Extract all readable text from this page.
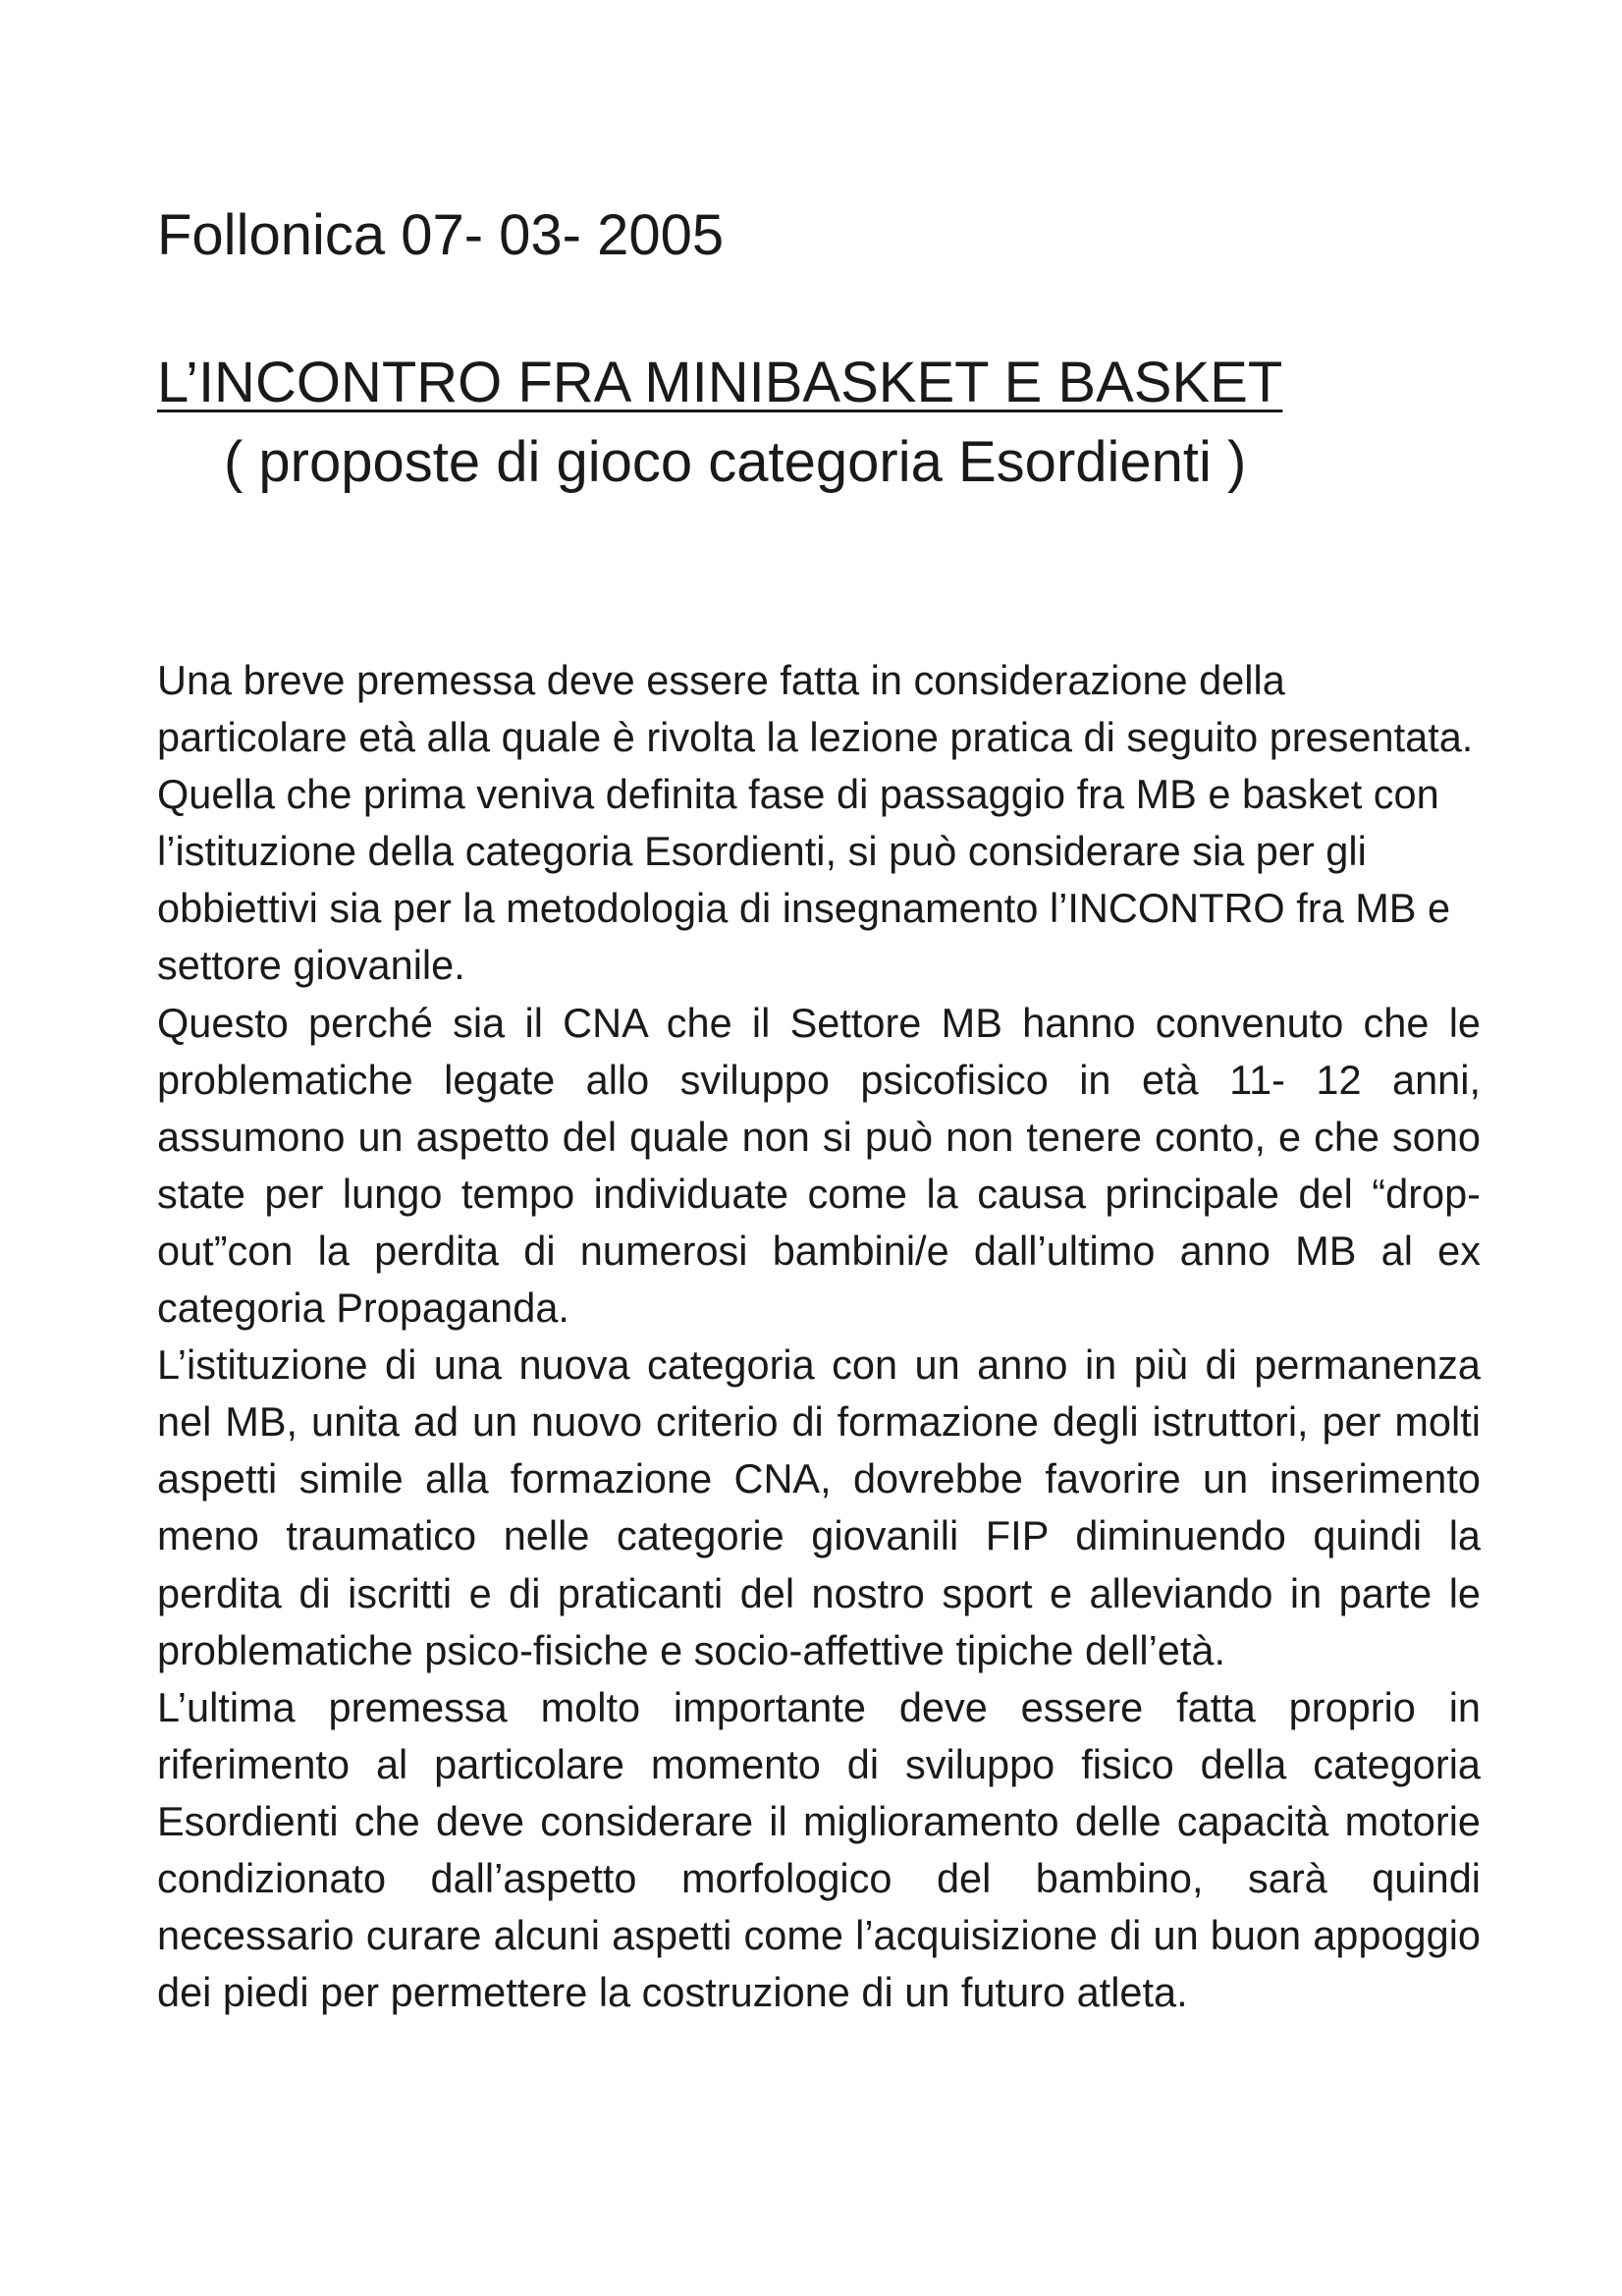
Follonica 07- 03- 2005
L’INCONTRO FRA MINIBASKET E BASKET
( proposte di gioco categoria Esordienti )

Una breve premessa deve essere fatta in considerazione della particolare età alla quale è rivolta la lezione pratica di seguito presentata. Quella che prima veniva definita fase di passaggio fra MB e basket con l’istituzione della categoria Esordienti, si può considerare sia per gli obbiettivi sia per la metodologia di insegnamento l’INCONTRO fra MB e settore giovanile.

Questo perché sia il CNA che il Settore MB hanno convenuto che le problematiche legate allo sviluppo psicofisico in età 11- 12 anni, assumono un aspetto del quale non si può non tenere conto, e che sono state per lungo tempo individuate come la causa principale del “drop-out”con la perdita di numerosi bambini/e dall’ultimo anno MB al ex categoria Propaganda.

L’istituzione di una nuova categoria con un anno in più di permanenza nel MB, unita ad un nuovo criterio di formazione degli istruttori, per molti aspetti simile alla formazione CNA, dovrebbe favorire un inserimento meno traumatico nelle categorie giovanili FIP diminuendo quindi la perdita di iscritti e di praticanti del nostro sport e alleviando in parte le problematiche psico-fisiche e socio-affettive tipiche dell’età.

L’ultima premessa molto importante deve essere fatta proprio in riferimento al particolare momento di sviluppo fisico della categoria Esordienti che deve considerare il miglioramento delle capacità motorie condizionato dall’aspetto morfologico del bambino, sarà quindi necessario curare alcuni aspetti come l’acquisizione di un buon appoggio dei piedi per permettere la costruzione di un futuro atleta.
